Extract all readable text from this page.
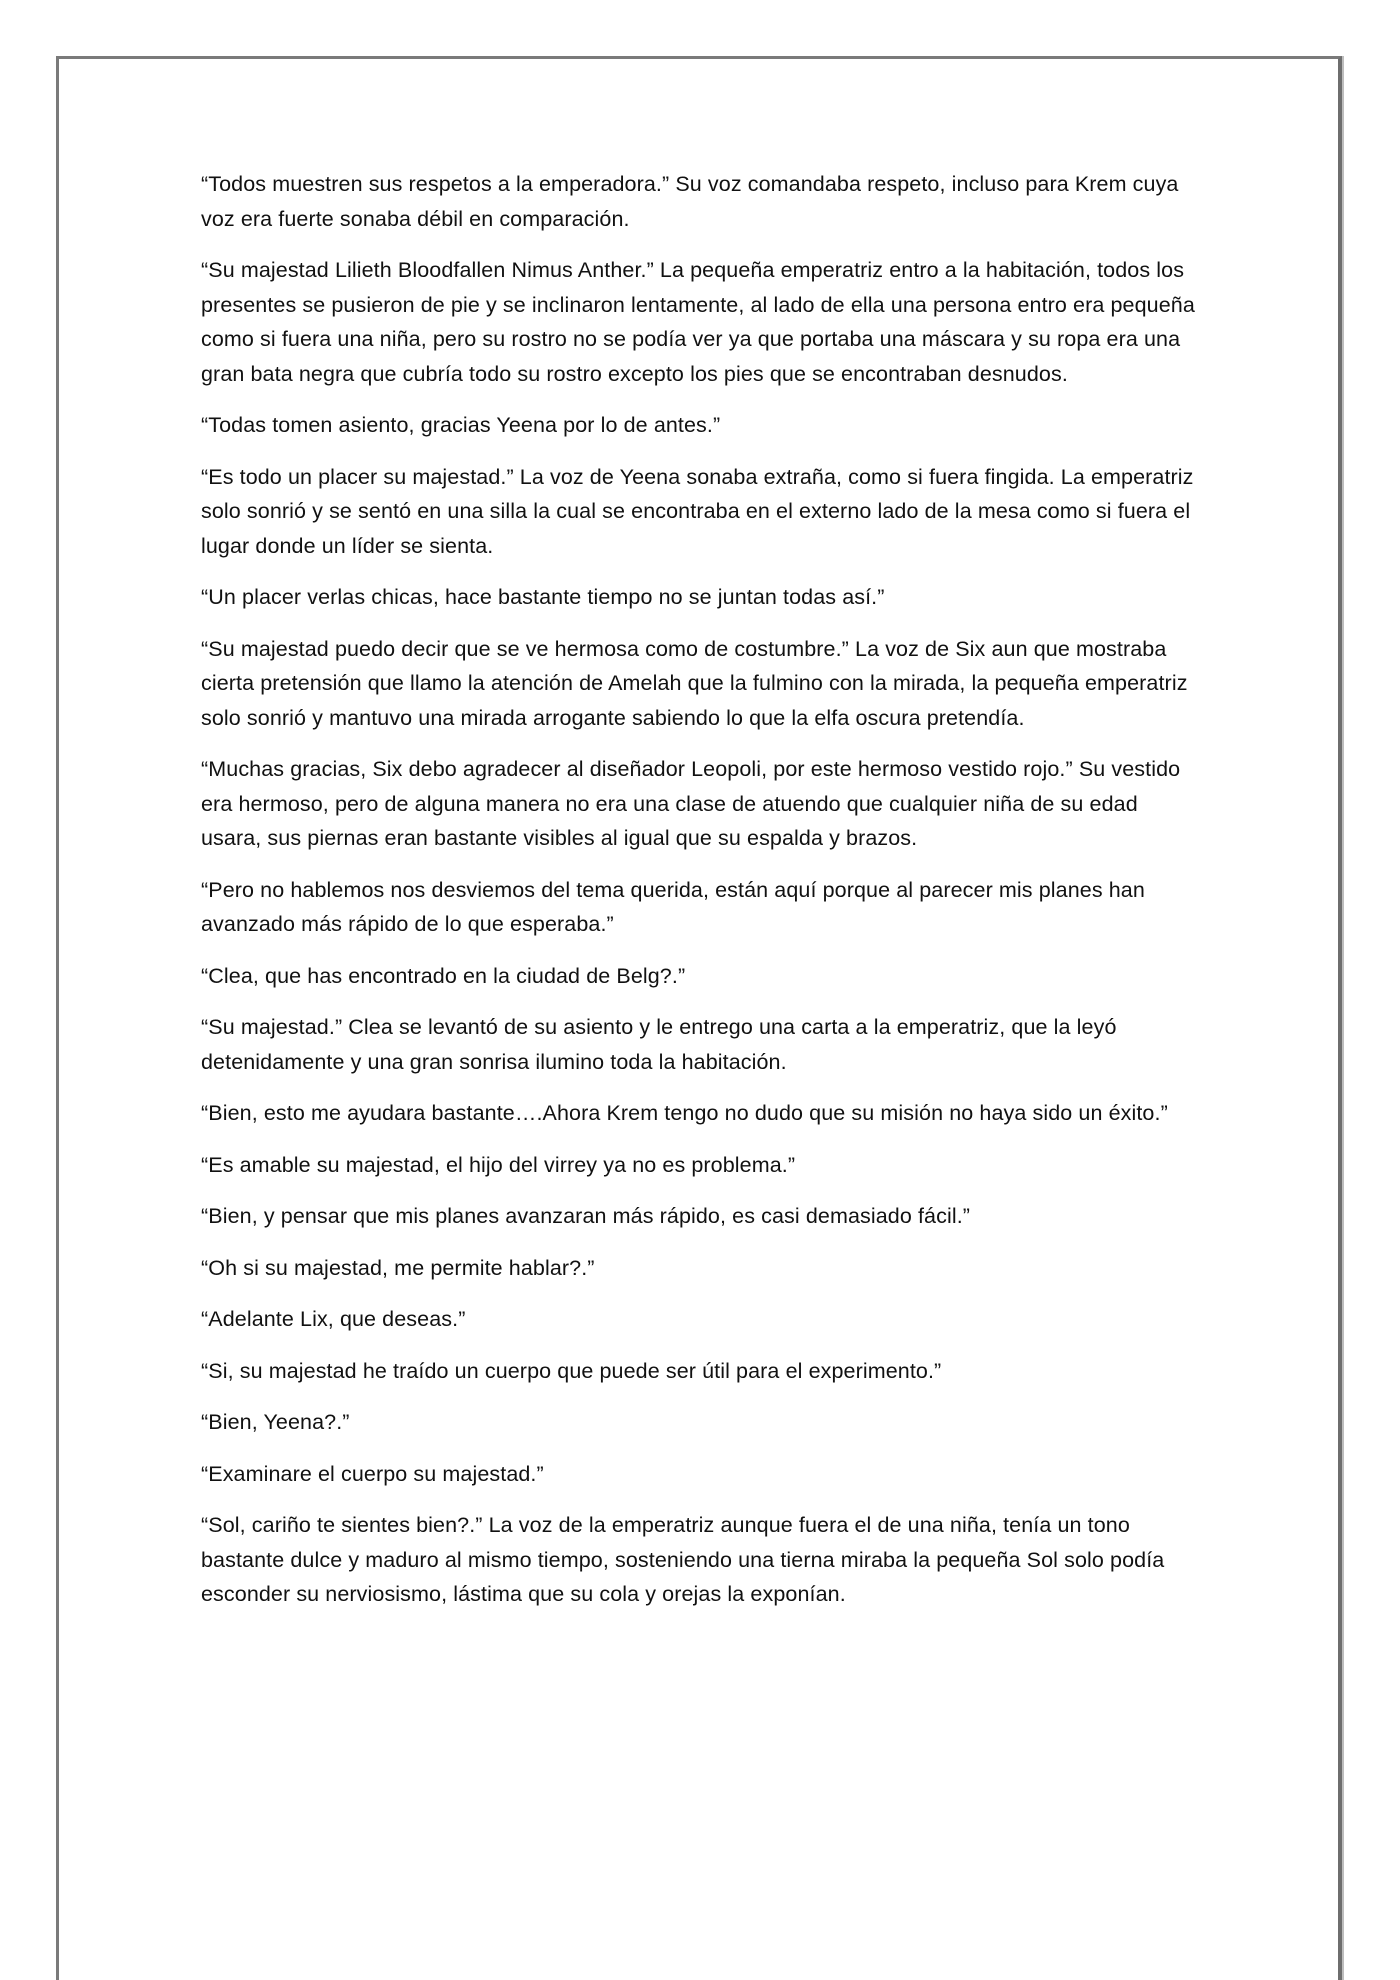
“Todos muestren sus respetos a la emperadora.” Su voz comandaba respeto, incluso para Krem cuya voz era fuerte sonaba débil en comparación.

“Su majestad Lilieth Bloodfallen Nimus Anther.” La pequeña emperatriz entro a la habitación, todos los presentes se pusieron de pie y se inclinaron lentamente, al lado de ella una persona entro era pequeña como si fuera una niña, pero su rostro no se podía ver ya que portaba una máscara y su ropa era una gran bata negra que cubría todo su rostro excepto los pies que se encontraban desnudos.

“Todas tomen asiento, gracias Yeena por lo de antes.”

“Es todo un placer su majestad.” La voz de Yeena sonaba extraña, como si fuera fingida. La emperatriz solo sonrió y se sentó en una silla la cual se encontraba en el externo lado de la mesa como si fuera el lugar donde un líder se sienta.

“Un placer verlas chicas, hace bastante tiempo no se juntan todas así.”

“Su majestad puedo decir que se ve hermosa como de costumbre.” La voz de Six aun que mostraba cierta pretensión que llamo la atención de Amelah que la fulmino con la mirada, la pequeña emperatriz solo sonrió y mantuvo una mirada arrogante sabiendo lo que la elfa oscura pretendía.

“Muchas gracias, Six debo agradecer al diseñador Leopoli, por este hermoso vestido rojo.” Su vestido era hermoso, pero de alguna manera no era una clase de atuendo que cualquier niña de su edad usara, sus piernas eran bastante visibles al igual que su espalda y brazos.

“Pero no hablemos nos desviemos del tema querida, están aquí porque al parecer mis planes han avanzado más rápido de lo que esperaba.”

“Clea, que has encontrado en la ciudad de Belg?.”

“Su majestad.” Clea se levantó de su asiento y le entrego una carta a la emperatriz, que la leyó detenidamente y una gran sonrisa ilumino toda la habitación.

“Bien, esto me ayudara bastante….Ahora Krem tengo no dudo que su misión no haya sido un éxito.”

“Es amable su majestad, el hijo del virrey ya no es problema.”

“Bien, y pensar que mis planes avanzaran más rápido, es casi demasiado fácil.”

“Oh si su majestad, me permite hablar?.”

“Adelante Lix, que deseas.”

“Si, su majestad he traído un cuerpo que puede ser útil para el experimento.”

“Bien, Yeena?.”

“Examinare el cuerpo su majestad.”

“Sol, cariño te sientes bien?.” La voz de la emperatriz aunque fuera el de una niña, tenía un tono bastante dulce y maduro al mismo tiempo, sosteniendo una tierna miraba la pequeña Sol solo podía esconder su nerviosismo, lástima que su cola y orejas la exponían.
